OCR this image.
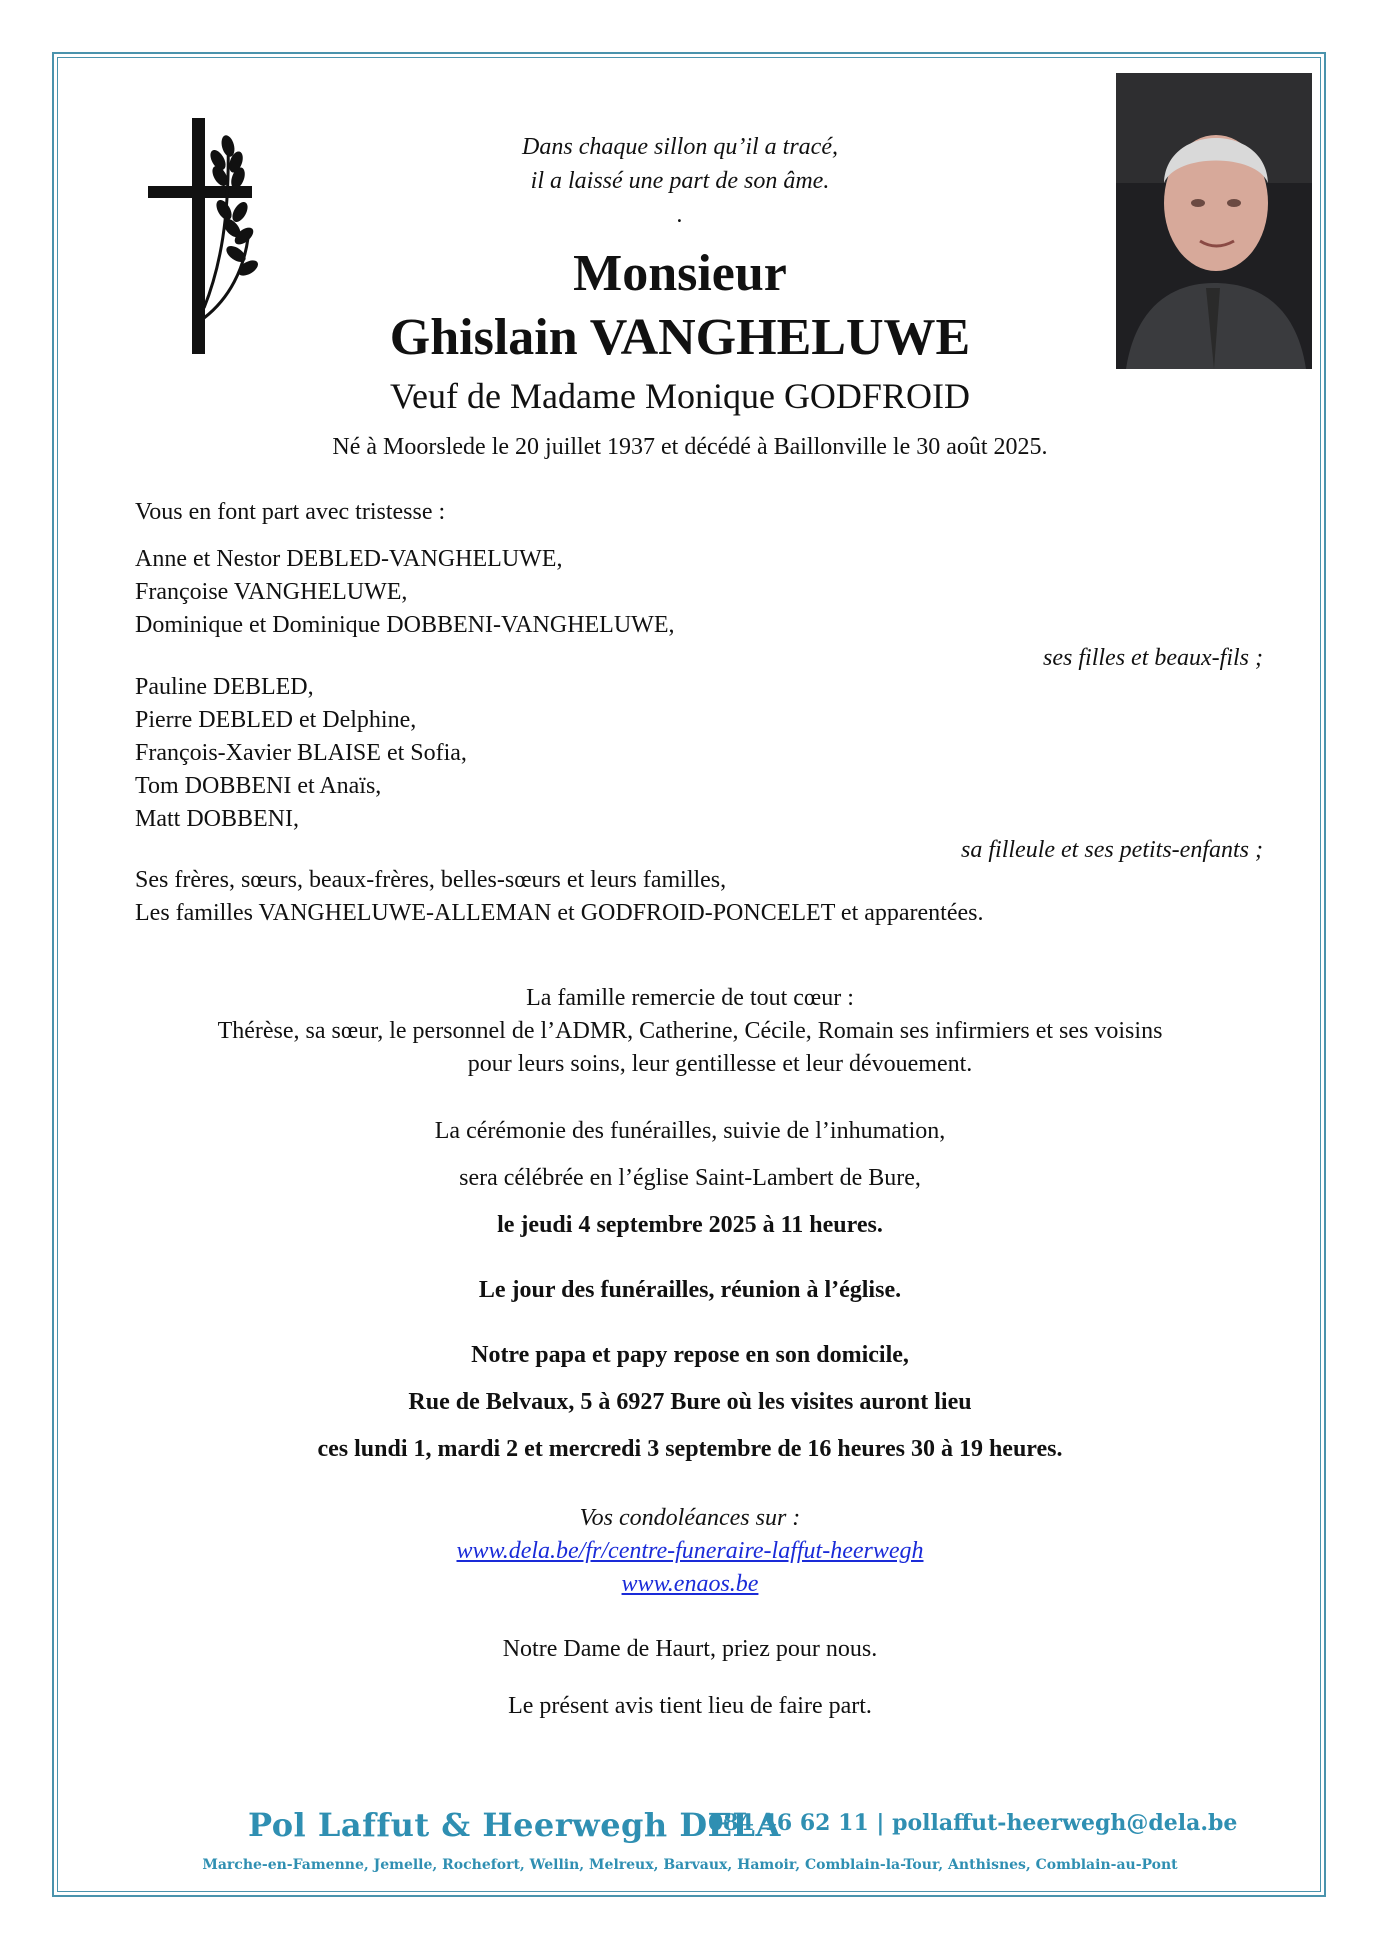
Dans chaque sillon qu’il a tracé,
il a laissé une part de son âme.
.
Monsieur
Ghislain VANGHELUWE
Veuf de Madame Monique GODFROID
Né à Moorslede le 20 juillet 1937 et décédé à Baillonville le 30 août 2025.
Vous en font part avec tristesse :
Anne et Nestor DEBLED-VANGHELUWE,
Françoise VANGHELUWE,
Dominique et Dominique DOBBENI-VANGHELUWE,
ses filles et beaux-fils ;
Pauline DEBLED,
Pierre DEBLED et Delphine,
François-Xavier BLAISE et Sofia,
Tom DOBBENI et Anaïs,
Matt DOBBENI,
sa filleule et ses petits-enfants ;
Ses frères, sœurs, beaux-frères, belles-sœurs et leurs familles,
Les familles VANGHELUWE-ALLEMAN et GODFROID-PONCELET et apparentées.
La famille remercie de tout cœur :
Thérèse, sa sœur, le personnel de l’ADMR, Catherine, Cécile, Romain ses infirmiers et ses voisins
pour leurs soins, leur gentillesse et leur dévouement.
La cérémonie des funérailles, suivie de l’inhumation,
sera célébrée en l’église Saint-Lambert de Bure,
le jeudi 4 septembre 2025 à 11 heures.
Le jour des funérailles, réunion à l’église.
Notre papa et papy repose en son domicile,
Rue de Belvaux, 5 à 6927 Bure où les visites auront lieu
ces lundi 1, mardi 2 et mercredi 3 septembre de 16 heures 30 à 19 heures.
Vos condoléances sur :
www.dela.be/fr/centre-funeraire-laffut-heerwegh
www.enaos.be
Notre Dame de Haurt, priez pour nous.
Le présent avis tient lieu de faire part.
Pol Laffut & Heerwegh DELA
084 46 62 11 | pollaffut-heerwegh@dela.be
Marche-en-Famenne, Jemelle, Rochefort, Wellin, Melreux, Barvaux, Hamoir, Comblain-la-Tour, Anthisnes, Comblain-au-Pont
